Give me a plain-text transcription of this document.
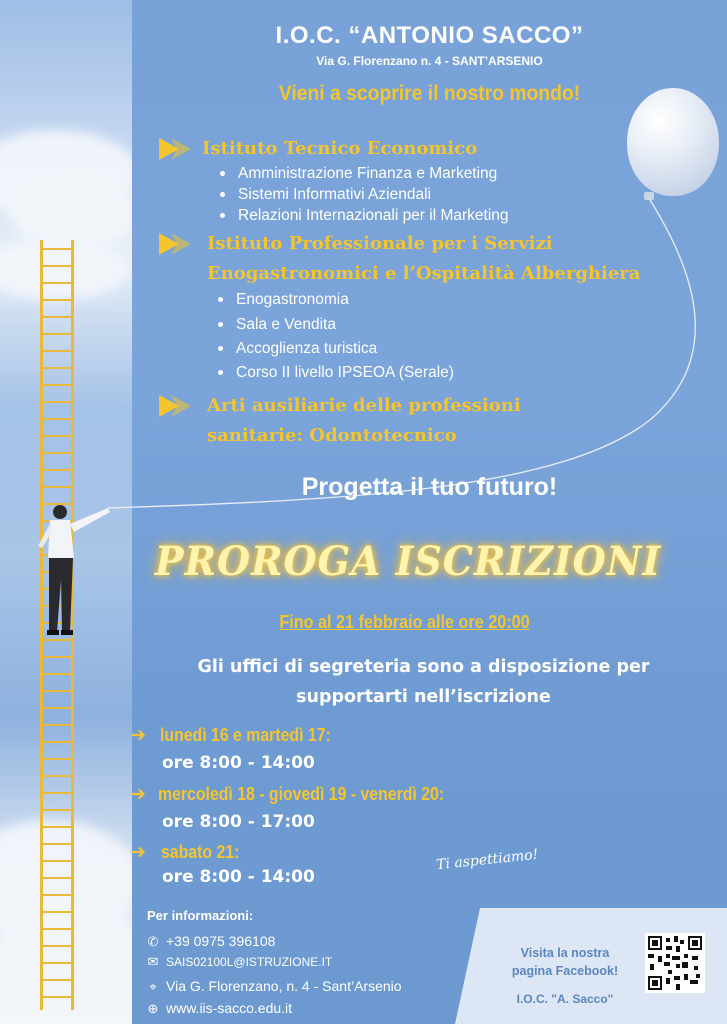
I.O.C. “ANTONIO SACCO”
Via G. Florenzano n. 4 - SANT’ARSENIO
Vieni a scoprire il nostro mondo!
Istituto Tecnico Economico
Amministrazione Finanza e Marketing
Sistemi Informativi Aziendali
Relazioni Internazionali per il Marketing
Istituto Professionale per i Servizi
Enogastronomici e l’Ospitalità Alberghiera
Enogastronomia
Sala e Vendita
Accoglienza turistica
Corso II livello IPSEOA (Serale)
Arti ausiliarie delle professioni
sanitarie: Odontotecnico
Progetta il tuo futuro!
PROROGA ISCRIZIONI
Fino al 21 febbraio alle ore 20:00
Gli uffici di segreteria sono a disposizione per
supportarti nell’iscrizione
➔ lunedì 16 e martedì 17:
ore 8:00 - 14:00
➔ mercoledì 18 - giovedì 19 - venerdì 20:
ore 8:00 - 17:00
➔ sabato 21:
ore 8:00 - 14:00
Ti aspettiamo!
Per informazioni:
✆ +39 0975 396108
✉ SAIS02100L@ISTRUZIONE.IT
⌖ Via G. Florenzano, n. 4 - Sant’Arsenio
⊕ www.iis-sacco.edu.it
Visita la nostra
pagina Facebook!
I.O.C. "A. Sacco"
